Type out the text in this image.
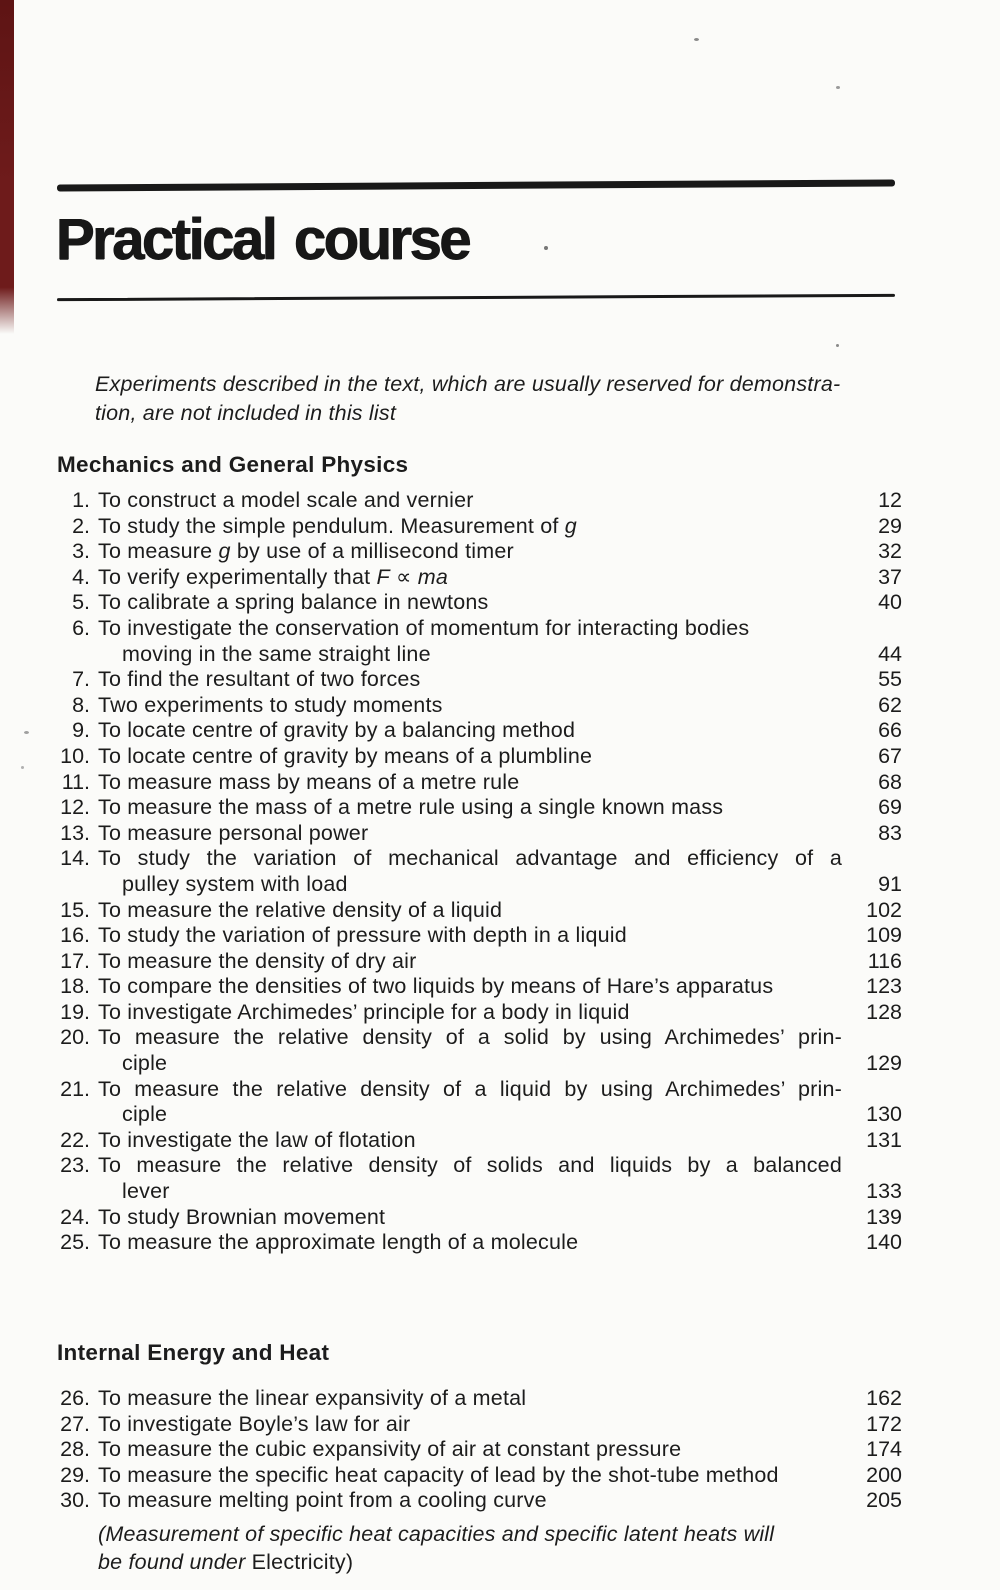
Practical course

Experiments described in the text, which are usually reserved for demonstra-
tion, are not included in this list

Mechanics and General Physics
1. To construct a model scale and vernier	12
2. To study the simple pendulum. Measurement of g	29
3. To measure g by use of a millisecond timer	32
4. To verify experimentally that F ∝ ma	37
5. To calibrate a spring balance in newtons	40
6. To investigate the conservation of momentum for interacting bodies
moving in the same straight line	44
7. To find the resultant of two forces	55
8. Two experiments to study moments	62
9. To locate centre of gravity by a balancing method	66
10. To locate centre of gravity by means of a plumbline	67
11. To measure mass by means of a metre rule	68
12. To measure the mass of a metre rule using a single known mass	69
13. To measure personal power	83
14. To study the variation of mechanical advantage and efficiency of a
pulley system with load	91
15. To measure the relative density of a liquid	102
16. To study the variation of pressure with depth in a liquid	109
17. To measure the density of dry air	116
18. To compare the densities of two liquids by means of Hare’s apparatus	123
19. To investigate Archimedes’ principle for a body in liquid	128
20. To measure the relative density of a solid by using Archimedes’ prin-
ciple	129
21. To measure the relative density of a liquid by using Archimedes’ prin-
ciple	130
22. To investigate the law of flotation	131
23. To measure the relative density of solids and liquids by a balanced
lever	133
24. To study Brownian movement	139
25. To measure the approximate length of a molecule	140
Internal Energy and Heat
26. To measure the linear expansivity of a metal	162
27. To investigate Boyle’s law for air	172
28. To measure the cubic expansivity of air at constant pressure	174
29. To measure the specific heat capacity of lead by the shot-tube method	200
30. To measure melting point from a cooling curve	205

(Measurement of specific heat capacities and specific latent heats will
be found under Electricity)
